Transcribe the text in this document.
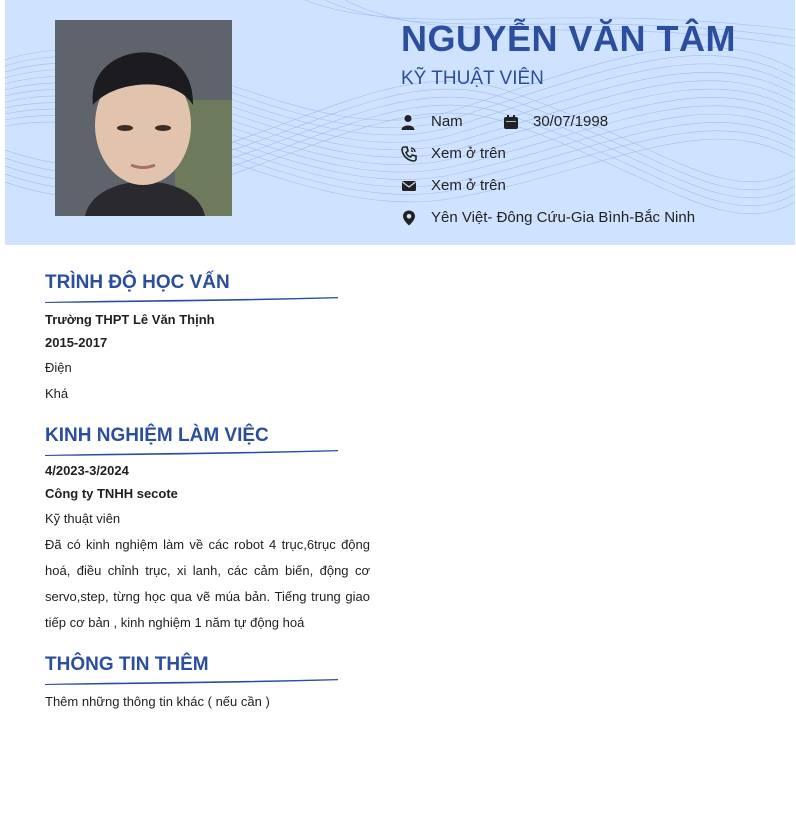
NGUYỄN VĂN TÂM
KỸ THUẬT VIÊN
Nam	30/07/1998
Xem ở trên
Xem ở trên
Yên Việt- Đông Cứu-Gia Bình-Bắc Ninh
TRÌNH ĐỘ HỌC VẤN
Trường THPT Lê Văn Thịnh
2015-2017
Điện
Khá
KINH NGHIỆM LÀM VIỆC
4/2023-3/2024
Công ty TNHH secote
Kỹ thuật viên
Đã có kinh nghiệm làm về các robot 4 trục,6trục động hoá, điều chỉnh trục, xi lanh, các cảm biến, động cơ servo,step, từng học qua vẽ múa bản. Tiếng trung giao tiếp cơ bản , kinh nghiệm 1 năm tự động hoá
THÔNG TIN THÊM
Thêm những thông tin khác ( nếu cần )
